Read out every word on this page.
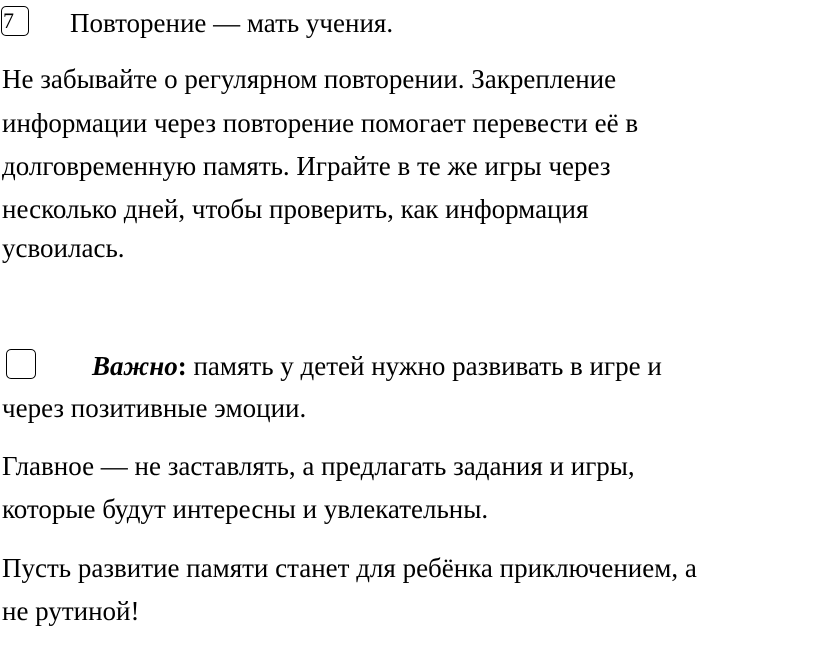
7	Повторение — мать учения.
Не забывайте о регулярном повторении. Закрепление
информации через повторение помогает перевести её в
долговременную память. Играйте в те же игры через
несколько дней, чтобы проверить, как информация
усвоилась.
Важно: память у детей нужно развивать в игре и
через позитивные эмоции.
Главное — не заставлять, а предлагать задания и игры,
которые будут интересны и увлекательны.
Пусть развитие памяти станет для ребёнка приключением, а
не рутиной!
